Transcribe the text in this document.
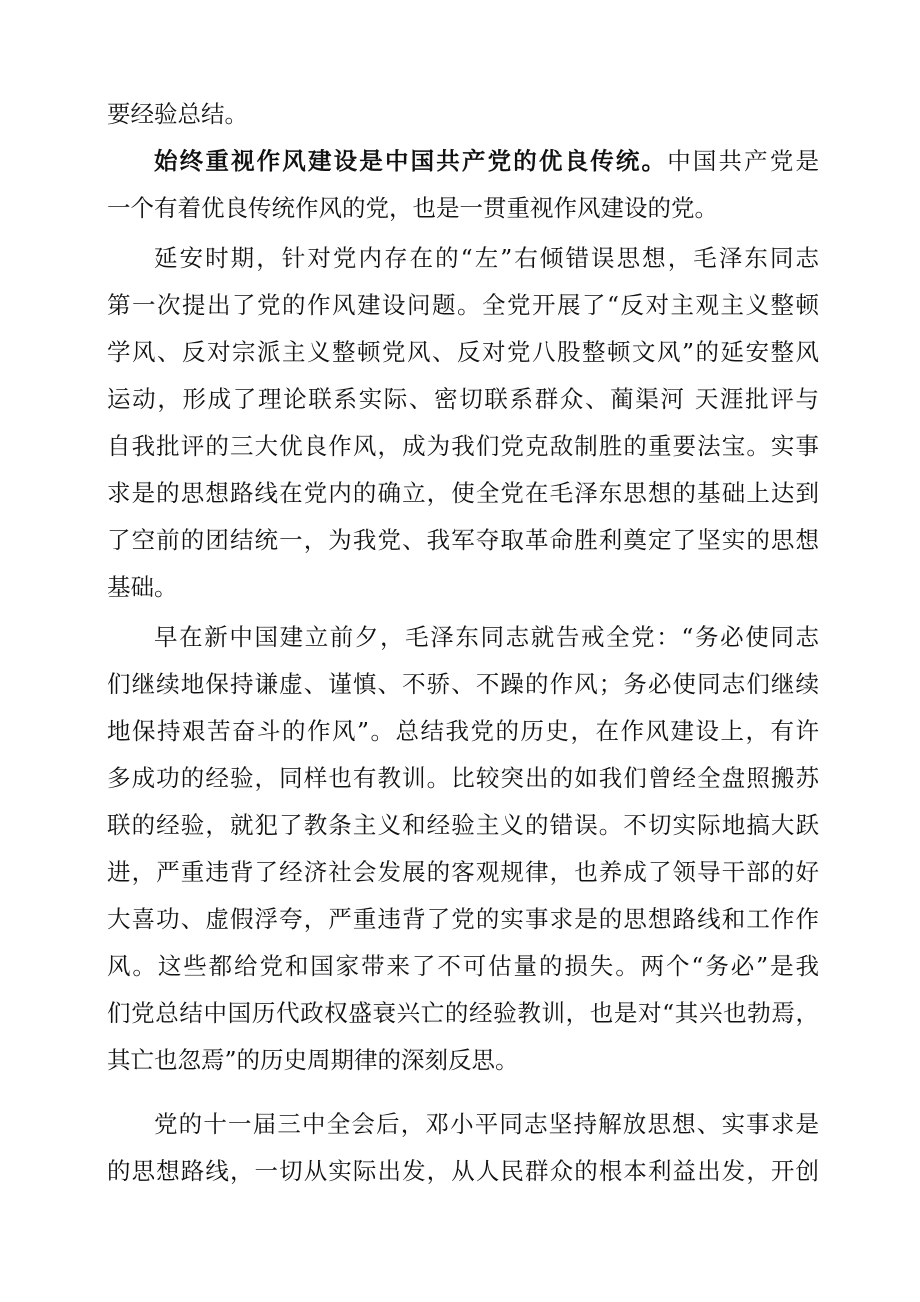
要经验总结。

始终重视作风建设是中国共产党的优良传统。中国共产党是

一个有着优良传统作风的党，也是一贯重视作风建设的党。

延安时期，针对党内存在的“左”右倾错误思想，毛泽东同志

第一次提出了党的作风建设问题。全党开展了“反对主观主义整顿

学风、反对宗派主义整顿党风、反对党八股整顿文风”的延安整风

运动，形成了理论联系实际、密切联系群众、蔺渠河 天涯批评与

自我批评的三大优良作风，成为我们党克敌制胜的重要法宝。实事

求是的思想路线在党内的确立，使全党在毛泽东思想的基础上达到

了空前的团结统一，为我党、我军夺取革命胜利奠定了坚实的思想

基础。

早在新中国建立前夕，毛泽东同志就告戒全党：“务必使同志

们继续地保持谦虚、谨慎、不骄、不躁的作风；务必使同志们继续

地保持艰苦奋斗的作风”。总结我党的历史，在作风建设上，有许

多成功的经验，同样也有教训。比较突出的如我们曾经全盘照搬苏

联的经验，就犯了教条主义和经验主义的错误。不切实际地搞大跃

进，严重违背了经济社会发展的客观规律，也养成了领导干部的好

大喜功、虚假浮夸，严重违背了党的实事求是的思想路线和工作作

风。这些都给党和国家带来了不可估量的损失。两个“务必”是我

们党总结中国历代政权盛衰兴亡的经验教训，也是对“其兴也勃焉，

其亡也忽焉”的历史周期律的深刻反思。

党的十一届三中全会后，邓小平同志坚持解放思想、实事求是

的思想路线，一切从实际出发，从人民群众的根本利益出发，开创
